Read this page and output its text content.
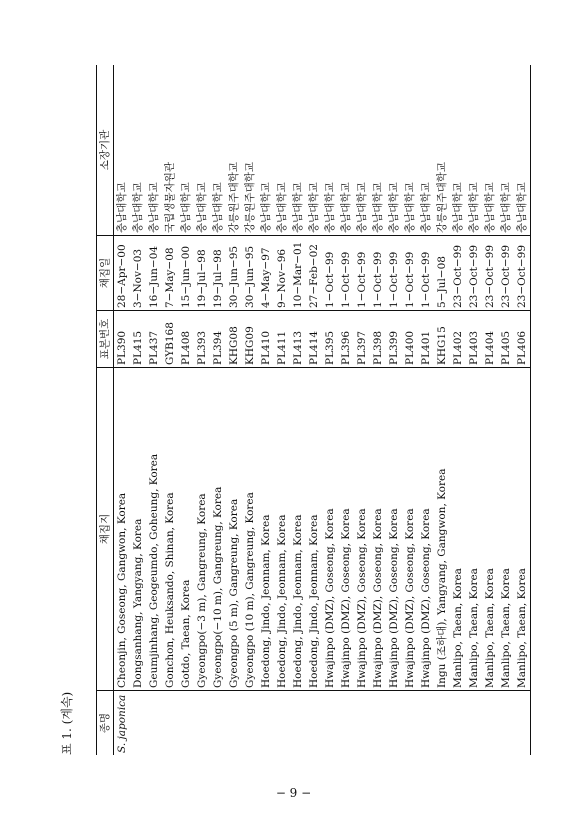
표 1. (계속) 종명	채집지	표본번호	채집일	소장기관
S. japonica	Cheonjin, Goseong, Gangwon, Korea	PL390	28−Apr−00	충남대학교
	Dongsanhang, Yangyang, Korea	PL415	3−Nov−03	충남대학교
	Geumjinhang, Geogeumdo, Goheung, Korea	PL437	16−Jun−04	충남대학교
	Gonchon, Heuksando, Shinan, Korea	GYB168	7−May−08	국립생물자원관
	Gotdo, Taean, Korea	PL408	15−Jun−00	충남대학교
	Gyeongpo(−3 m), Gangreung, Korea	PL393	19−Jul−98	충남대학교
	Gyeongpo(−10 m), Gangreung, Korea	PL394	19−Jul−98	충남대학교
	Gyeongpo (5 m), Gangreung, Korea	KHG08	30−Jun−95	강릉원주대학교
	Gyeongpo (10 m), Gangreung, Korea	KHG09	30−Jun−95	강릉원주대학교
	Hoedong, Jindo, Jeonnam, Korea	PL410	4−May−97	충남대학교
	Hoedong, Jindo, Jeonnam, Korea	PL411	9−Nov−96	충남대학교
	Hoedong, Jindo, Jeonnam, Korea	PL413	10−Mar−01	충남대학교
	Hoedong, Jindo, Jeonnam, Korea	PL414	27−Feb−02	충남대학교
	Hwajinpo (DMZ), Goseong, Korea	PL395	1−Oct−99	충남대학교
	Hwajinpo (DMZ), Goseong, Korea	PL396	1−Oct−99	충남대학교
	Hwajinpo (DMZ), Goseong, Korea	PL397	1−Oct−99	충남대학교
	Hwajinpo (DMZ), Goseong, Korea	PL398	1−Oct−99	충남대학교
	Hwajinpo (DMZ), Goseong, Korea	PL399	1−Oct−99	충남대학교
	Hwajinpo (DMZ), Goseong, Korea	PL400	1−Oct−99	충남대학교
	Hwajinpo (DMZ), Goseong, Korea	PL401	1−Oct−99	충남대학교
	Ingu (조하대), Yangyang, Gangwon, Korea	KHG15	5−Jul−08	강릉원주대학교
	Manlipo, Taean, Korea	PL402	23−Oct−99	충남대학교
	Manlipo, Taean, Korea	PL403	23−Oct−99	충남대학교
	Manlipo, Taean, Korea	PL404	23−Oct−99	충남대학교
	Manlipo, Taean, Korea	PL405	23−Oct−99	충남대학교
	Manlipo, Taean, Korea	PL406	23−Oct−99	충남대학교
− 9 −
